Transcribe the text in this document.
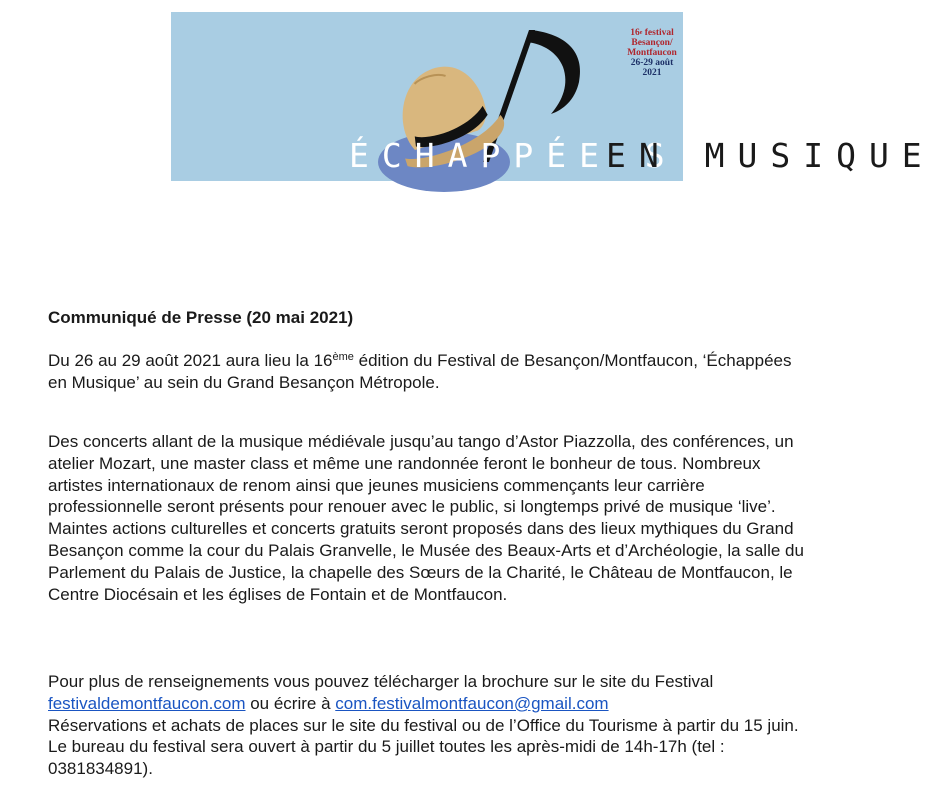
16e festival
Besançon/
Montfaucon
26-29 août
2021
ÉCHAPPÉE S
EN MUSIQUE

Communiqué de Presse (20 mai 2021)

Du 26 au 29 août 2021 aura lieu la 16ème édition du Festival de Besançon/Montfaucon, ‘Échappées en Musique’ au sein du Grand Besançon Métropole.

Des concerts allant de la musique médiévale jusqu’au tango d’Astor Piazzolla, des conférences, un atelier Mozart, une master class et même une randonnée feront le bonheur de tous. Nombreux artistes internationaux de renom ainsi que jeunes musiciens commençants leur carrière professionnelle seront présents pour renouer avec le public, si longtemps privé de musique ‘live’. Maintes actions culturelles et concerts gratuits seront proposés dans des lieux mythiques du Grand Besançon comme la cour du Palais Granvelle, le Musée des Beaux-Arts et d’Archéologie, la salle du Parlement du Palais de Justice, la chapelle des Sœurs de la Charité, le Château de Montfaucon, le Centre Diocésain et les églises de Fontain et de Montfaucon.

Pour plus de renseignements vous pouvez télécharger la brochure sur le site du Festival
festivaldemontfaucon.com ou écrire à com.festivalmontfaucon@gmail.com
Réservations et achats de places sur le site du festival ou de l’Office du Tourisme à partir du 15 juin. Le bureau du festival sera ouvert à partir du 5 juillet toutes les après-midi de 14h-17h (tel : 0381834891).
